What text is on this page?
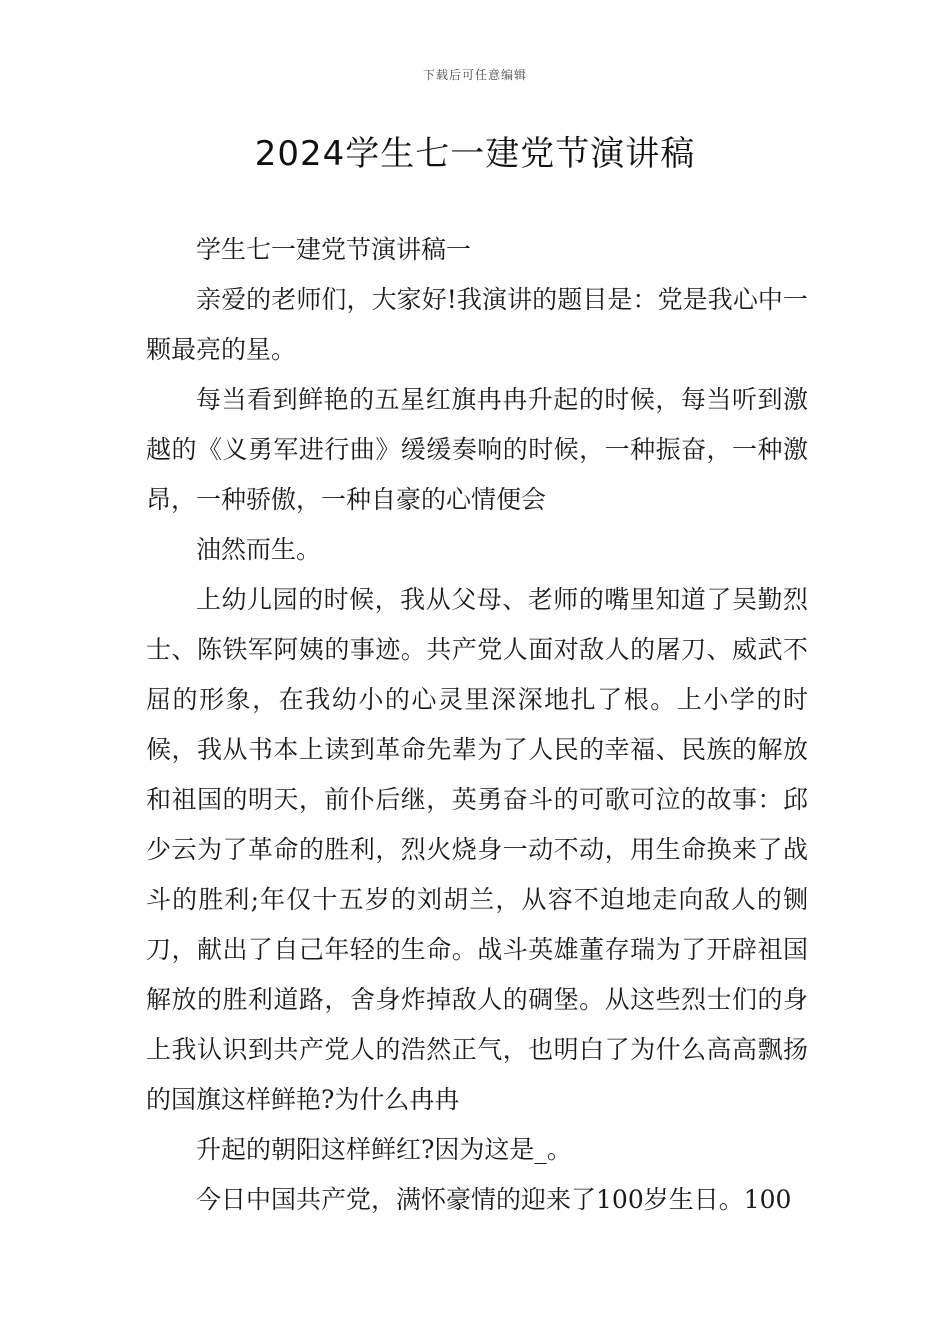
下载后可任意编辑
2024学生七一建党节演讲稿

学生七一建党节演讲稿一

亲爱的老师们，大家好!我演讲的题目是：党是我心中一颗最亮的星。

每当看到鲜艳的五星红旗冉冉升起的时候，每当听到激越的《义勇军进行曲》缓缓奏响的时候，一种振奋，一种激昂，一种骄傲，一种自豪的心情便会

油然而生。

上幼儿园的时候，我从父母、老师的嘴里知道了吴勤烈士、陈铁军阿姨的事迹。共产党人面对敌人的屠刀、威武不屈的形象，在我幼小的心灵里深深地扎了根。上小学的时候，我从书本上读到革命先辈为了人民的幸福、民族的解放和祖国的明天，前仆后继，英勇奋斗的可歌可泣的故事：邱少云为了革命的胜利，烈火烧身一动不动，用生命换来了战斗的胜利;年仅十五岁的刘胡兰，从容不迫地走向敌人的铡刀，献出了自己年轻的生命。战斗英雄董存瑞为了开辟祖国解放的胜利道路，舍身炸掉敌人的碉堡。从这些烈士们的身上我认识到共产党人的浩然正气，也明白了为什么高高飘扬的国旗这样鲜艳?为什么冉冉

升起的朝阳这样鲜红?因为这是_。

今日中国共产党，满怀豪情的迎来了100岁生日。100
